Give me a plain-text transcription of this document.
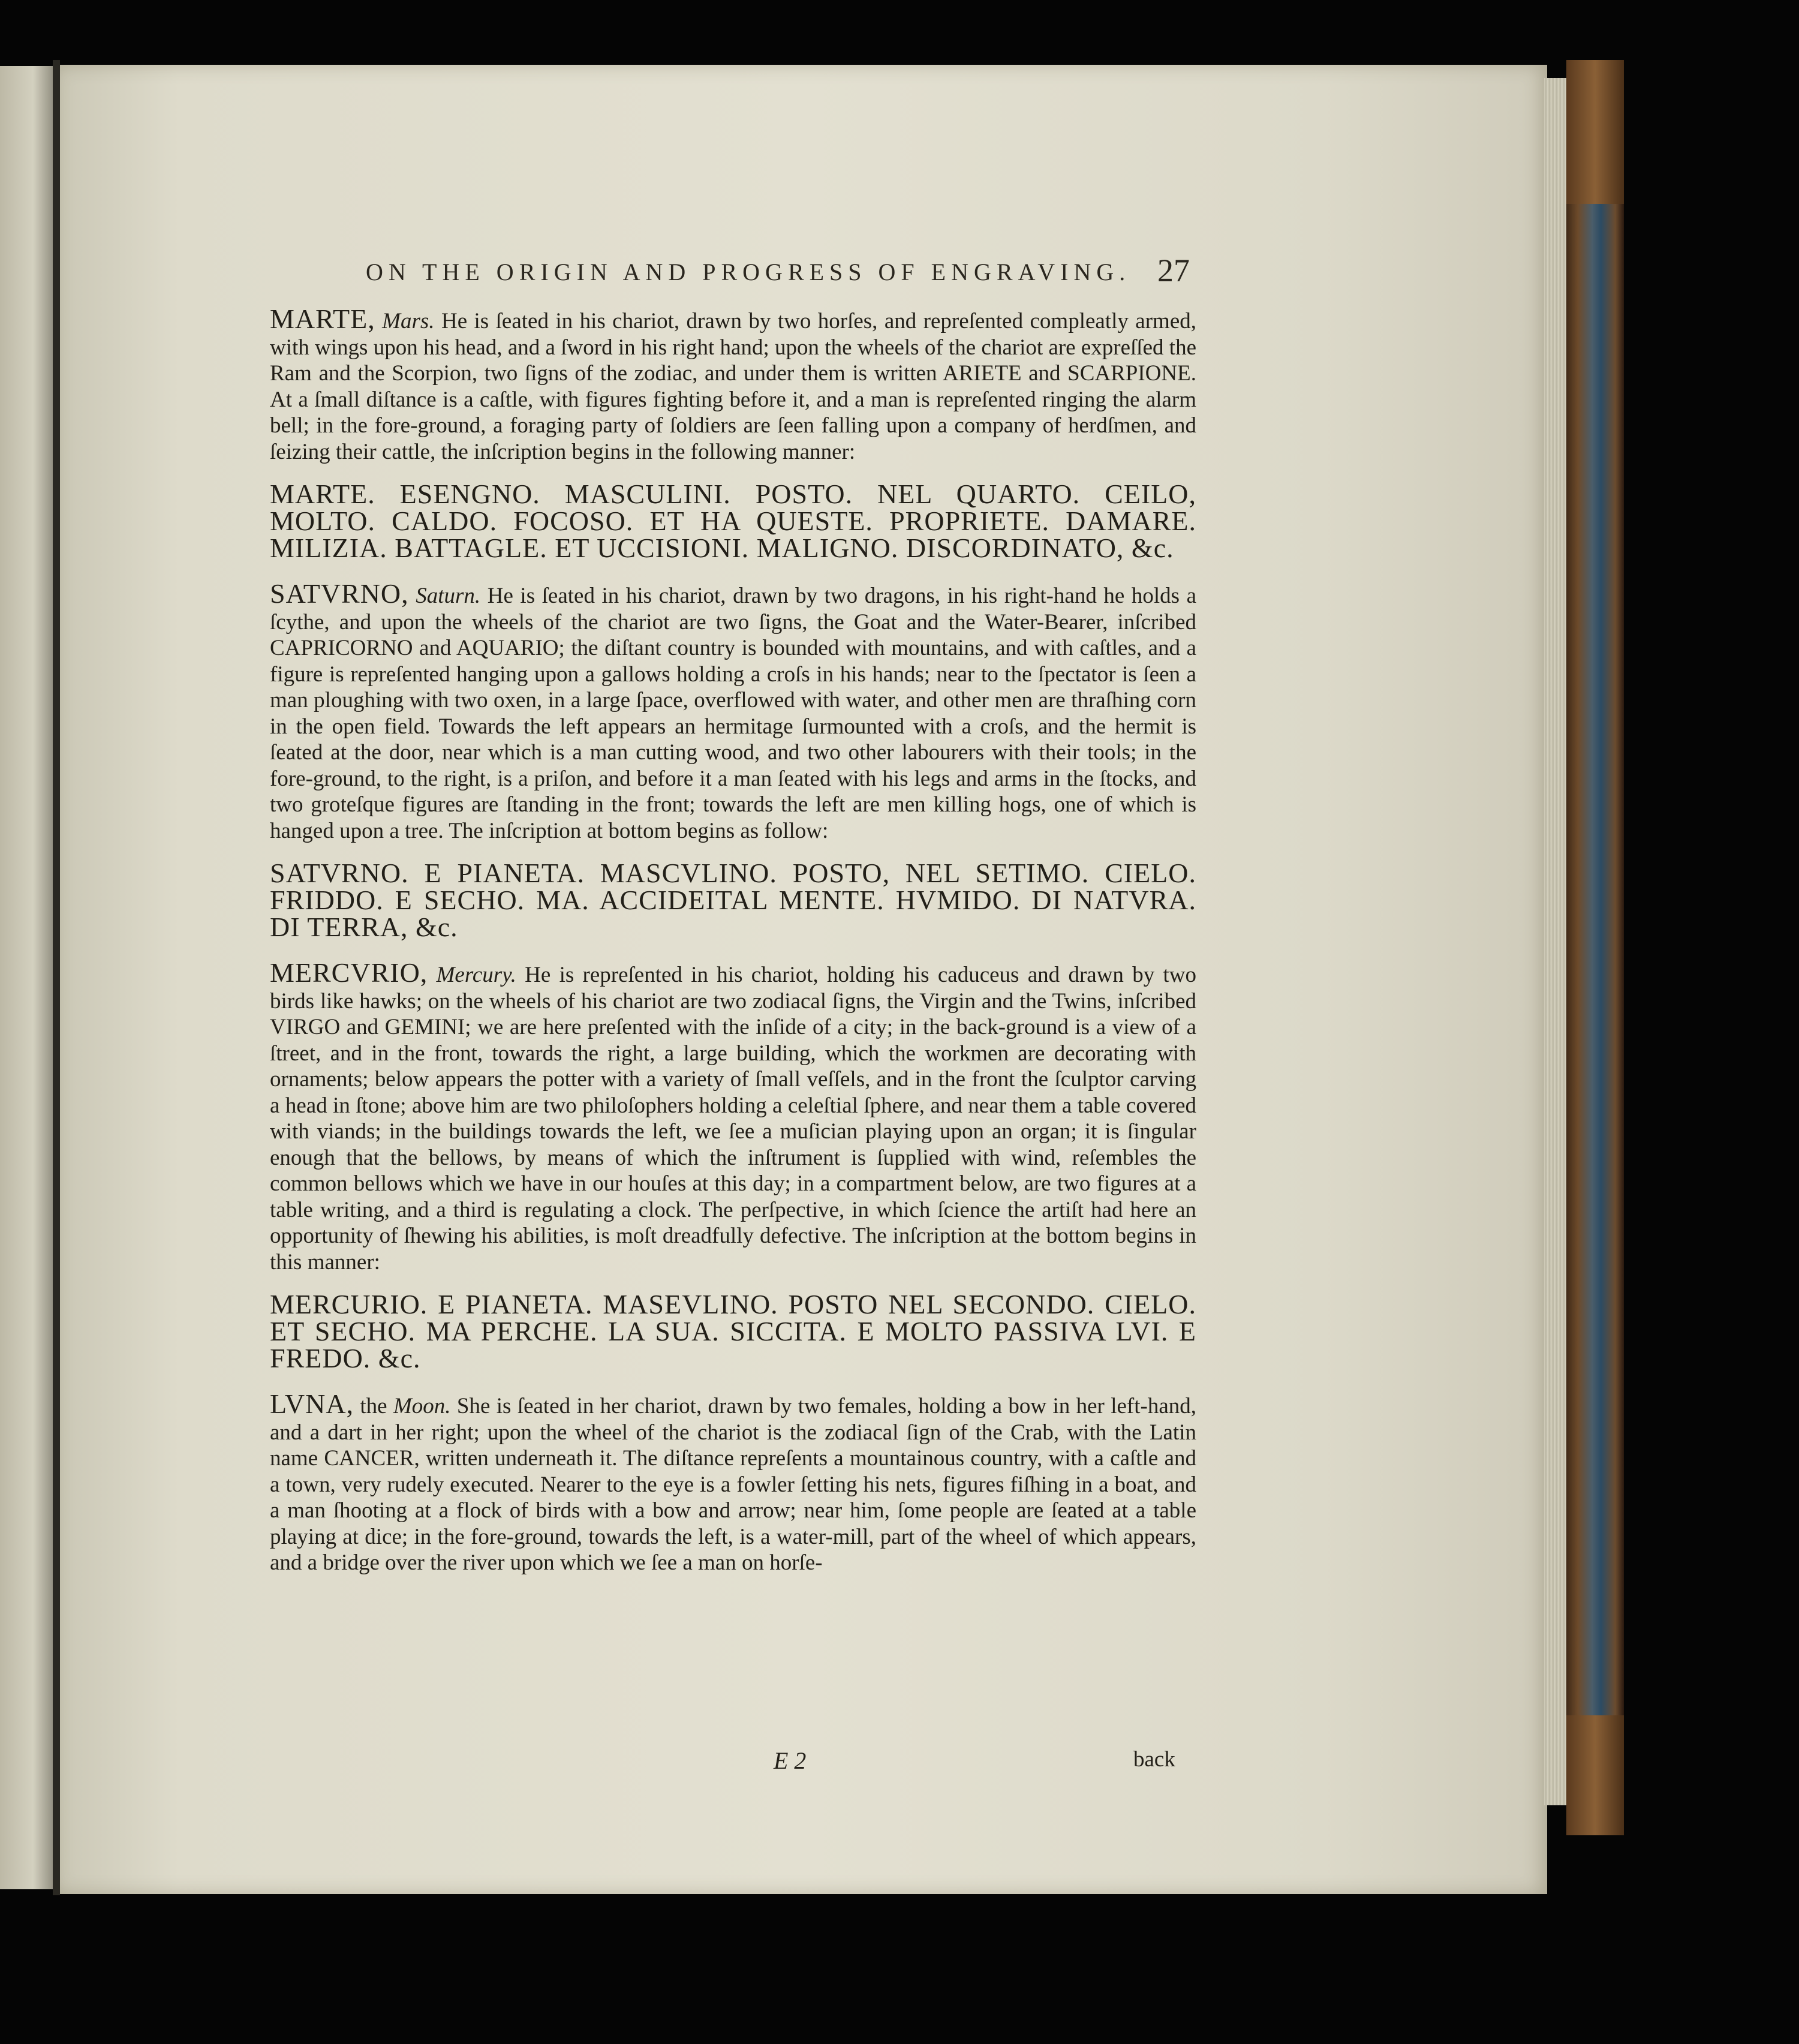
ON THE ORIGIN AND PROGRESS OF ENGRAVING. 27

MARTE, Mars. He is ſeated in his chariot, drawn by two horſes, and repreſented compleatly armed, with wings upon his head, and a ſword in his right hand; upon the wheels of the chariot are expreſſed the Ram and the Scorpion, two ſigns of the zodiac, and under them is written ARIETE and SCARPIONE. At a ſmall diſtance is a caſtle, with figures fighting before it, and a man is repreſented ringing the alarm bell; in the fore-ground, a foraging party of ſoldiers are ſeen falling upon a company of herdſmen, and ſeizing their cattle, the inſcription begins in the following manner:

MARTE. ESENGNO. MASCULINI. POSTO. NEL QUARTO. CEILO, MOLTO. CALDO. FOCOSO. ET HA QUESTE. PROPRIETE. DAMARE. MILIZIA. BATTAGLE. ET UCCISIONI. MALIGNO. DISCORDINATO, &c.

SATVRNO, Saturn. He is ſeated in his chariot, drawn by two dragons, in his right-hand he holds a ſcythe, and upon the wheels of the chariot are two ſigns, the Goat and the Water-Bearer, inſcribed CAPRICORNO and AQUARIO; the diſtant country is bounded with mountains, and with caſtles, and a figure is repreſented hanging upon a gallows holding a croſs in his hands; near to the ſpectator is ſeen a man ploughing with two oxen, in a large ſpace, overflowed with water, and other men are thraſhing corn in the open field. Towards the left appears an hermitage ſurmounted with a croſs, and the hermit is ſeated at the door, near which is a man cutting wood, and two other labourers with their tools; in the fore-ground, to the right, is a priſon, and before it a man ſeated with his legs and arms in the ſtocks, and two groteſque figures are ſtanding in the front; towards the left are men killing hogs, one of which is hanged upon a tree. The inſcription at bottom begins as follow:

SATVRNO. E PIANETA. MASCVLINO. POSTO, NEL SETIMO. CIELO. FRIDDO. E SECHO. MA. ACCIDEITAL MENTE. HVMIDO. DI NATVRA. DI TERRA, &c.

MERCVRIO, Mercury. He is repreſented in his chariot, holding his caduceus and drawn by two birds like hawks; on the wheels of his chariot are two zodiacal ſigns, the Virgin and the Twins, inſcribed VIRGO and GEMINI; we are here preſented with the inſide of a city; in the back-ground is a view of a ſtreet, and in the front, towards the right, a large building, which the workmen are decorating with ornaments; below appears the potter with a variety of ſmall veſſels, and in the front the ſculptor carving a head in ſtone; above him are two philoſophers holding a celeſtial ſphere, and near them a table covered with viands; in the buildings towards the left, we ſee a muſician playing upon an organ; it is ſingular enough that the bellows, by means of which the inſtrument is ſupplied with wind, reſembles the common bellows which we have in our houſes at this day; in a compartment below, are two figures at a table writing, and a third is regulating a clock. The perſpective, in which ſcience the artiſt had here an opportunity of ſhewing his abilities, is moſt dreadfully defective. The inſcription at the bottom begins in this manner:

MERCURIO. E PIANETA. MASEVLINO. POSTO NEL SECONDO. CIELO. ET SECHO. MA PERCHE. LA SUA. SICCITA. E MOLTO PASSIVA LVI. E FREDO. &c.

LVNA, the Moon. She is ſeated in her chariot, drawn by two females, holding a bow in her left-hand, and a dart in her right; upon the wheel of the chariot is the zodiacal ſign of the Crab, with the Latin name CANCER, written underneath it. The diſtance repreſents a mountainous country, with a caſtle and a town, very rudely executed. Nearer to the eye is a fowler ſetting his nets, figures fiſhing in a boat, and a man ſhooting at a flock of birds with a bow and arrow; near him, ſome people are ſeated at a table playing at dice; in the fore-ground, towards the left, is a water-mill, part of the wheel of which appears, and a bridge over the river upon which we ſee a man on horſe-

E 2	back
